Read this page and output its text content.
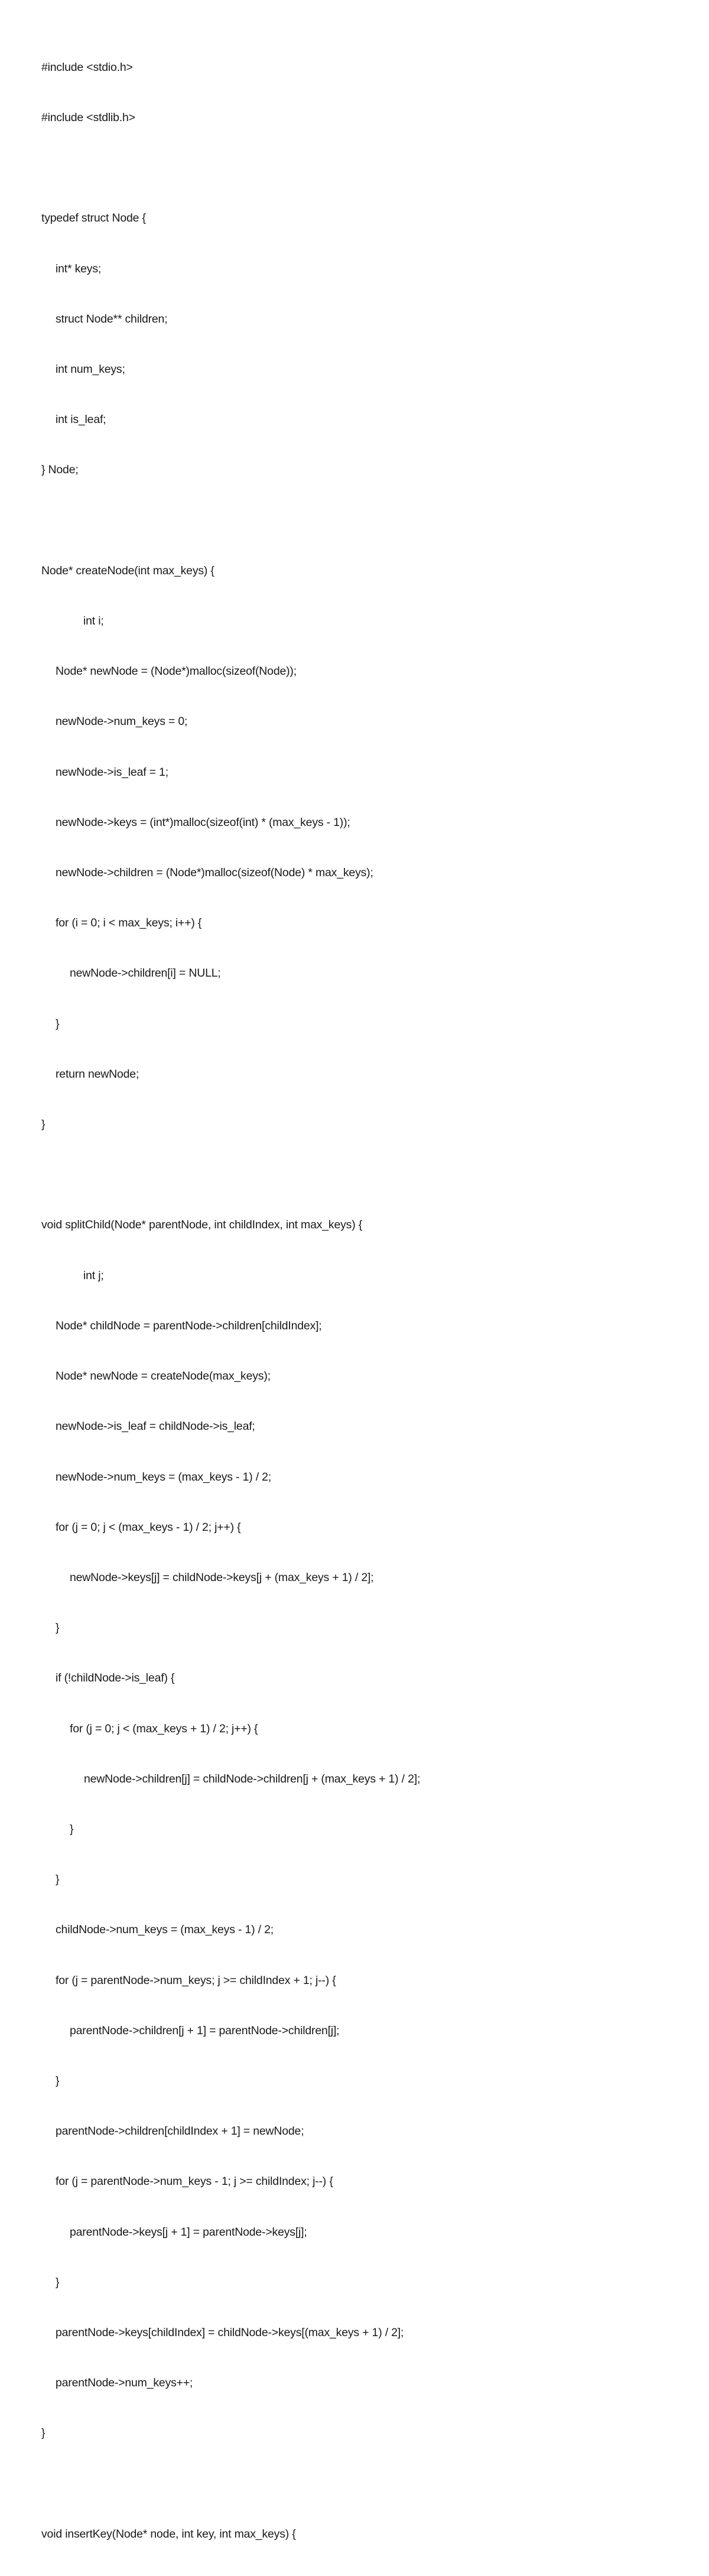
#include <stdio.h>

#include <stdlib.h>

typedef struct Node {

int* keys;

struct Node** children;

int num_keys;

int is_leaf;

} Node;

Node* createNode(int max_keys) {

int i;

Node* newNode = (Node*)malloc(sizeof(Node));

newNode->num_keys = 0;

newNode->is_leaf = 1;

newNode->keys = (int*)malloc(sizeof(int) * (max_keys - 1));

newNode->children = (Node*)malloc(sizeof(Node) * max_keys);

for (i = 0; i < max_keys; i++) {

newNode->children[i] = NULL;

}

return newNode;

}

void splitChild(Node* parentNode, int childIndex, int max_keys) {

int j;

Node* childNode = parentNode->children[childIndex];

Node* newNode = createNode(max_keys);

newNode->is_leaf = childNode->is_leaf;

newNode->num_keys = (max_keys - 1) / 2;

for (j = 0; j < (max_keys - 1) / 2; j++) {

newNode->keys[j] = childNode->keys[j + (max_keys + 1) / 2];

}

if (!childNode->is_leaf) {

for (j = 0; j < (max_keys + 1) / 2; j++) {

newNode->children[j] = childNode->children[j + (max_keys + 1) / 2];

}

}

childNode->num_keys = (max_keys - 1) / 2;

for (j = parentNode->num_keys; j >= childIndex + 1; j--) {

parentNode->children[j + 1] = parentNode->children[j];

}

parentNode->children[childIndex + 1] = newNode;

for (j = parentNode->num_keys - 1; j >= childIndex; j--) {

parentNode->keys[j + 1] = parentNode->keys[j];

}

parentNode->keys[childIndex] = childNode->keys[(max_keys + 1) / 2];

parentNode->num_keys++;

}

void insertKey(Node* node, int key, int max_keys) {
